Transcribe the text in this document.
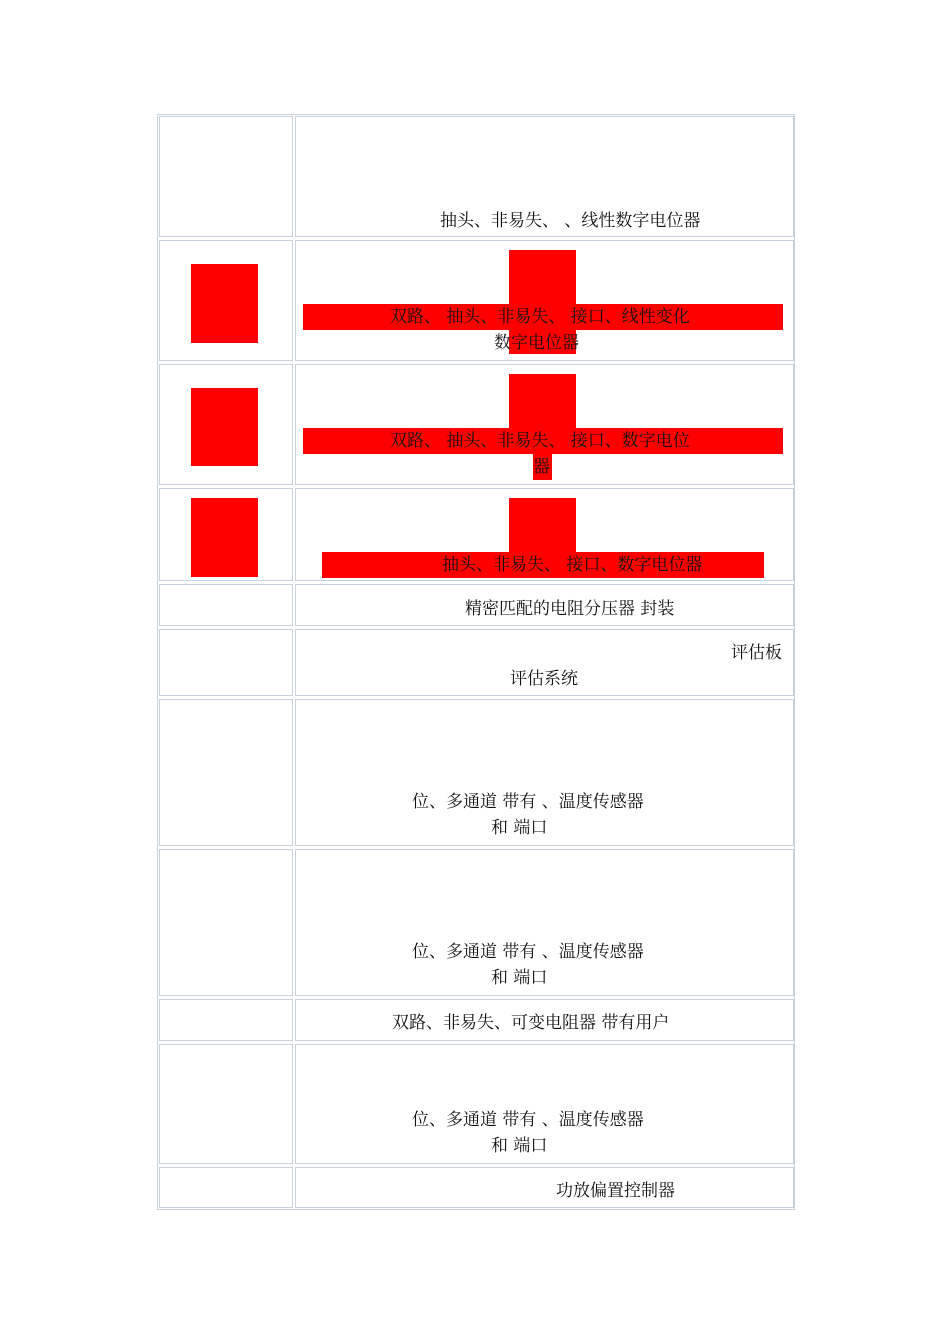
抽头、非易失、 、线性数字电位器
双路、 抽头、非易失、 接口、线性变化
数字电位器
双路、 抽头、非易失、 接口、数字电位
器
抽头、非易失、 接口、数字电位器
精密匹配的电阻分压器 封装
评估板
评估系统
位、多通道 带有 、温度传感器
和 端口
位、多通道 带有 、温度传感器
和 端口
双路、非易失、可变电阻器 带有用户
位、多通道 带有 、温度传感器
和 端口
功放偏置控制器
